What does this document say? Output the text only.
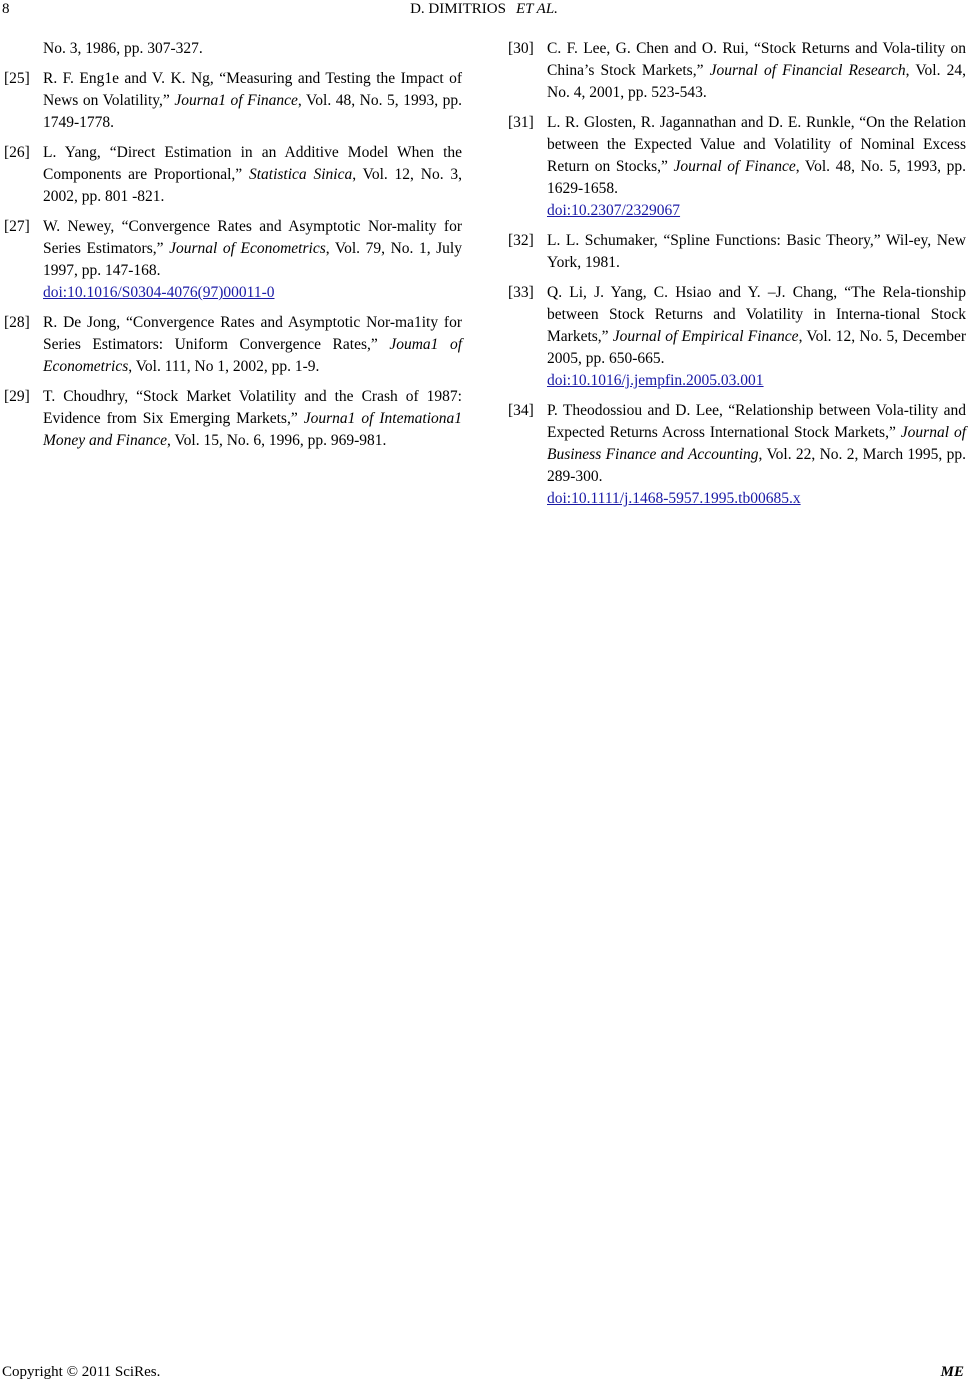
8	D. DIMITRIOS ET AL.
No. 3, 1986, pp. 307-327.
[25] R. F. Eng1e and V. K. Ng, “Measuring and Testing the Impact of News on Volatility,” Journa1 of Finance, Vol. 48, No. 5, 1993, pp. 1749-1778.
[26] L. Yang, “Direct Estimation in an Additive Model When the Components are Proportional,” Statistica Sinica, Vol. 12, No. 3, 2002, pp. 801 -821.
[27] W. Newey, “Convergence Rates and Asymptotic Nor-mality for Series Estimators,” Journal of Econometrics, Vol. 79, No. 1, July 1997, pp. 147-168.
doi:10.1016/S0304-4076(97)00011-0
[28] R. De Jong, “Convergence Rates and Asymptotic Nor-ma1ity for Series Estimators: Uniform Convergence Rates,” Jouma1 of Econometrics, Vol. 111, No 1, 2002, pp. 1-9.
[29] T. Choudhry, “Stock Market Volatility and the Crash of 1987: Evidence from Six Emerging Markets,” Journa1 of Intemationa1 Money and Finance, Vol. 15, No. 6, 1996, pp. 969-981.
[30] C. F. Lee, G. Chen and O. Rui, “Stock Returns and Vola-tility on China’s Stock Markets,” Journal of Financial Research, Vol. 24, No. 4, 2001, pp. 523-543.
[31] L. R. Glosten, R. Jagannathan and D. E. Runkle, “On the Relation between the Expected Value and Volatility of Nominal Excess Return on Stocks,” Journal of Finance, Vol. 48, No. 5, 1993, pp. 1629-1658.
doi:10.2307/2329067
[32] L. L. Schumaker, “Spline Functions: Basic Theory,” Wil-ey, New York, 1981.
[33] Q. Li, J. Yang, C. Hsiao and Y. –J. Chang, “The Rela-tionship between Stock Returns and Volatility in Interna-tional Stock Markets,” Journal of Empirical Finance, Vol. 12, No. 5, December 2005, pp. 650-665.
doi:10.1016/j.jempfin.2005.03.001
[34] P. Theodossiou and D. Lee, “Relationship between Vola-tility and Expected Returns Across International Stock Markets,” Journal of Business Finance and Accounting, Vol. 22, No. 2, March 1995, pp. 289-300.
doi:10.1111/j.1468-5957.1995.tb00685.x
Copyright © 2011 SciRes.	ME
